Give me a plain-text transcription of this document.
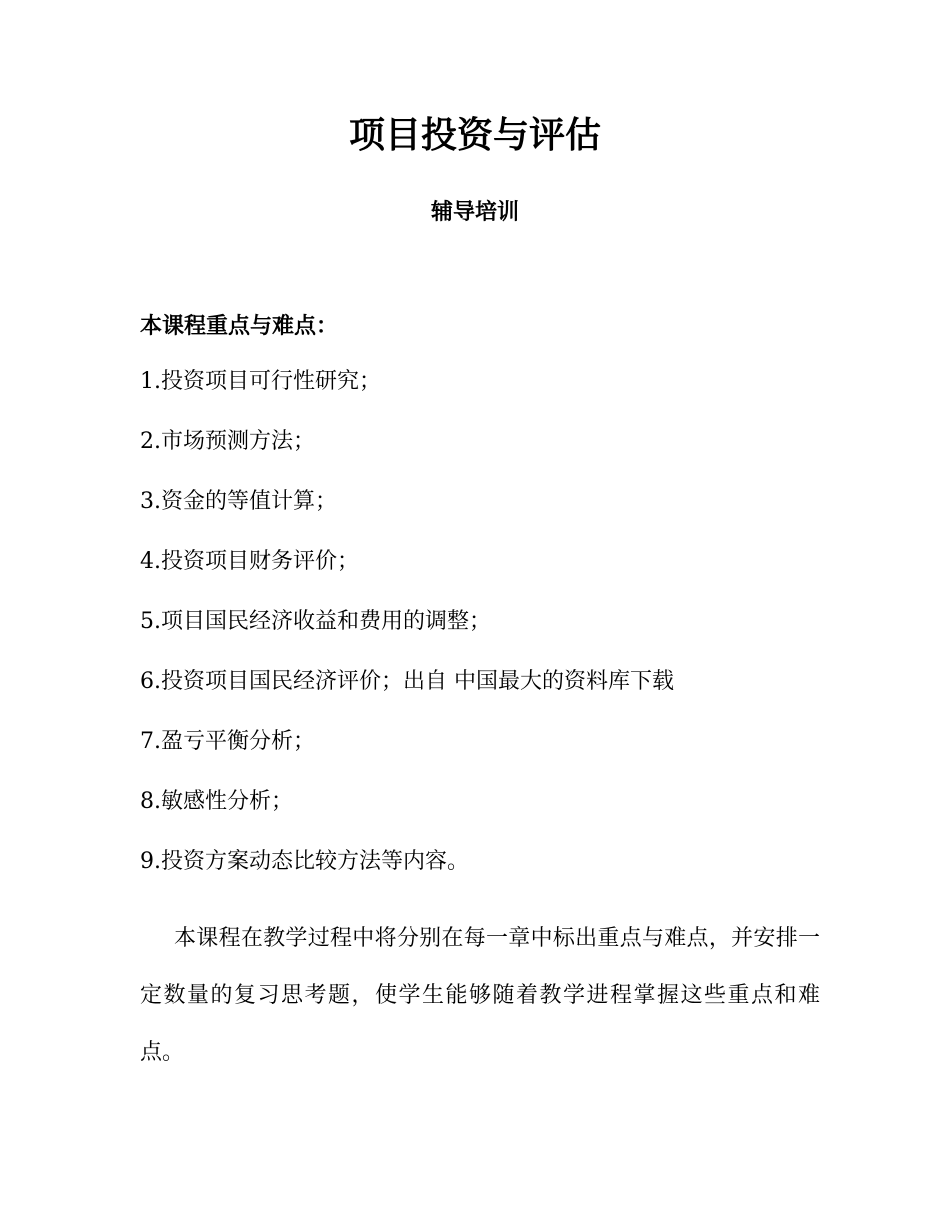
项目投资与评估
辅导培训
本课程重点与难点：
1.投资项目可行性研究；
2.市场预测方法；
3.资金的等值计算；
4.投资项目财务评价；
5.项目国民经济收益和费用的调整；
6.投资项目国民经济评价；出自 中国最大的资料库下载
7.盈亏平衡分析；
8.敏感性分析；
9.投资方案动态比较方法等内容。

本课程在教学过程中将分别在每一章中标出重点与难点，并安排一定数量的复习思考题，使学生能够随着教学进程掌握这些重点和难点。
